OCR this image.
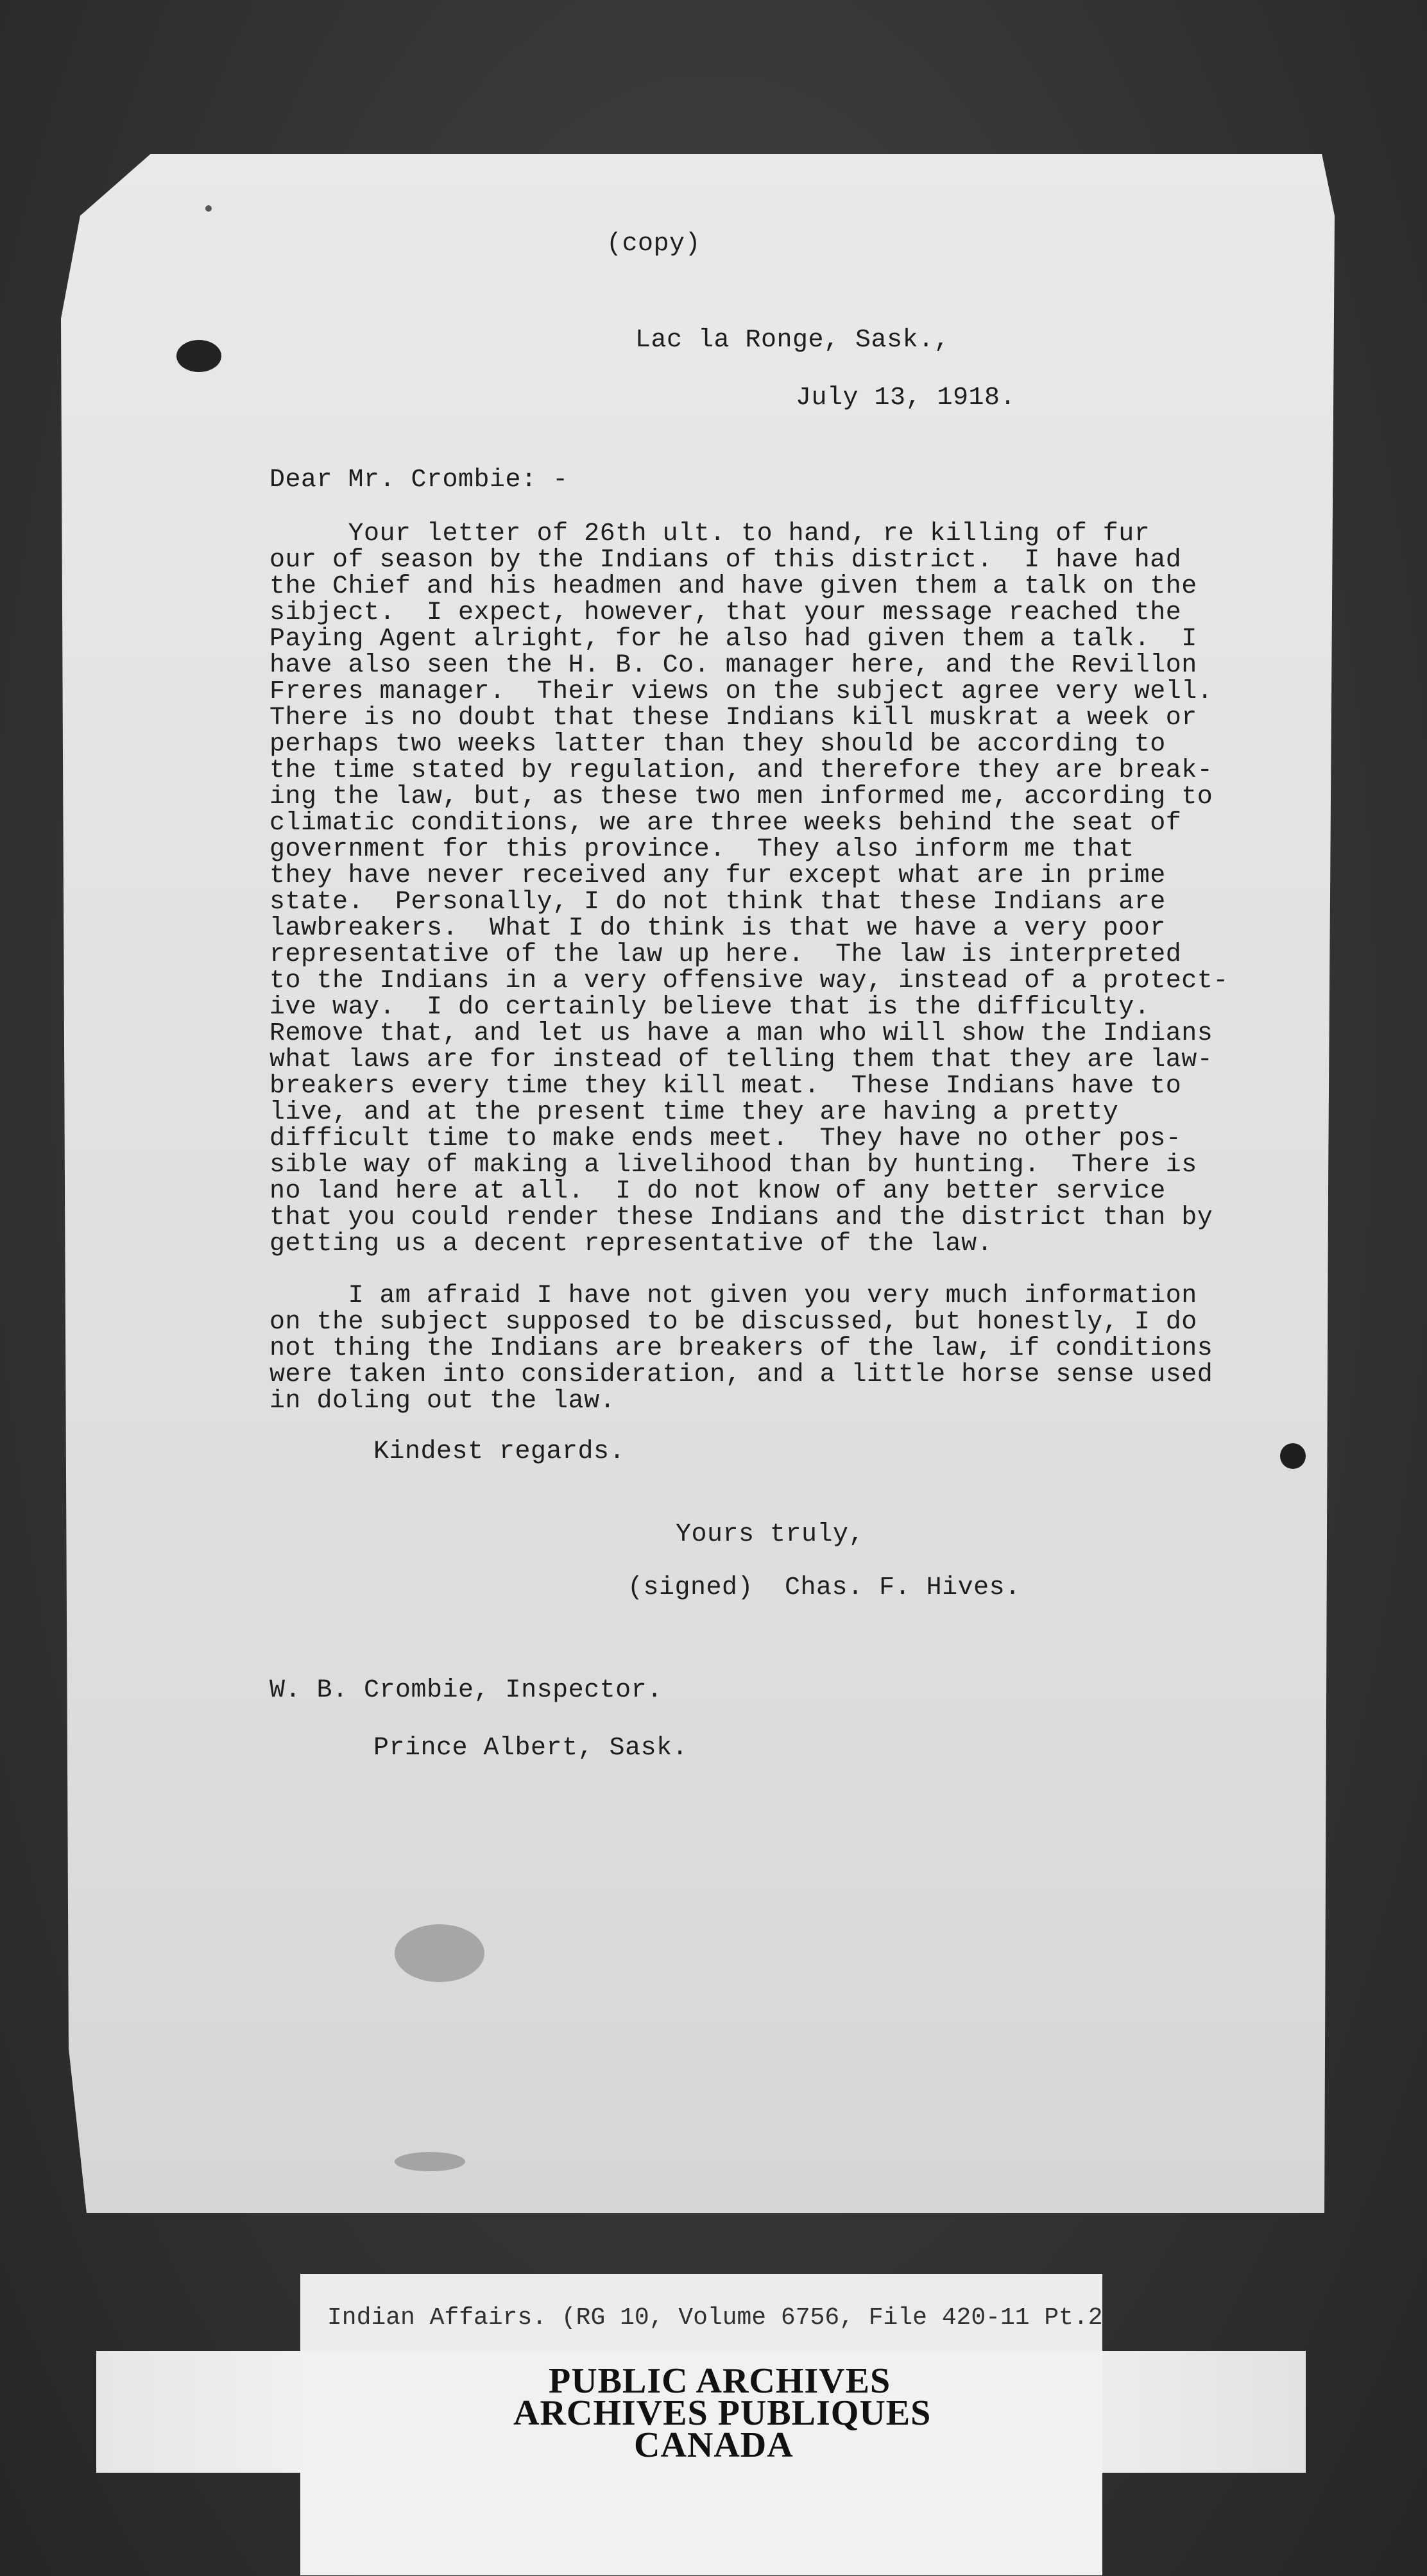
(copy)
Lac la Ronge, Sask.,
July 13, 1918.
Dear Mr. Crombie: -
Your letter of 26th ult. to hand, re killing of fur
our of season by the Indians of this district.  I have had
the Chief and his headmen and have given them a talk on the
sibject.  I expect, however, that your message reached the
Paying Agent alright, for he also had given them a talk.  I
have also seen the H. B. Co. manager here, and the Revillon
Freres manager.  Their views on the subject agree very well.
There is no doubt that these Indians kill muskrat a week or
perhaps two weeks latter than they should be according to
the time stated by regulation, and therefore they are break-
ing the law, but, as these two men informed me, according to
climatic conditions, we are three weeks behind the seat of
government for this province.  They also inform me that
they have never received any fur except what are in prime
state.  Personally, I do not think that these Indians are
lawbreakers.  What I do think is that we have a very poor
representative of the law up here.  The law is interpreted
to the Indians in a very offensive way, instead of a protect-
ive way.  I do certainly believe that is the difficulty.
Remove that, and let us have a man who will show the Indians
what laws are for instead of telling them that they are law-
breakers every time they kill meat.  These Indians have to
live, and at the present time they are having a pretty
difficult time to make ends meet.  They have no other pos-
sible way of making a livelihood than by hunting.  There is
no land here at all.  I do not know of any better service
that you could render these Indians and the district than by
getting us a decent representative of the law.
I am afraid I have not given you very much information
on the subject supposed to be discussed, but honestly, I do
not thing the Indians are breakers of the law, if conditions
were taken into consideration, and a little horse sense used
in doling out the law.
Kindest regards.
Yours truly,
(signed)  Chas. F. Hives.
W. B. Crombie, Inspector.
Prince Albert, Sask.
Indian Affairs. (RG 10, Volume 6756, File 420-11 Pt.2)
PUBLIC ARCHIVES
ARCHIVES PUBLIQUES
CANADA
